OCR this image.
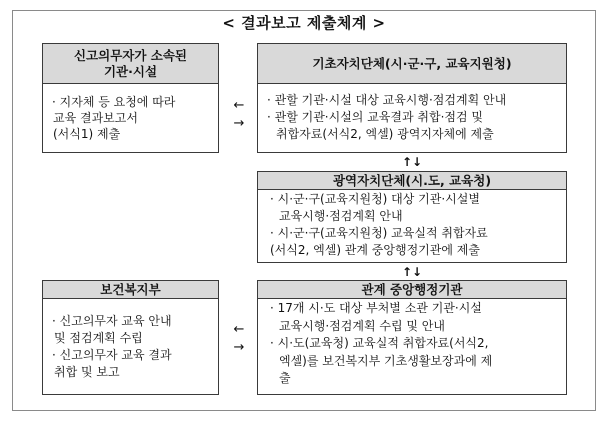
< 결과보고 제출체계 >
신고의무자가 소속된
기관·시설
· 지자체 등 요청에 따라
교육 결과보고서
(서식1) 제출
←
→
기초자치단체(시·군·구, 교육지원청)
· 관할 기관·시설 대상 교육시행·점검계획 안내
· 관할 기관·시설의 교육결과 취합·점검 및
취합자료(서식2, 엑셀) 광역지자체에 제출
↑↓
광역자치단체(시.도, 교육청)
· 시·군·구(교육지원청) 대상 기관·시설별
교육시행·점검계획 안내
· 시·군·구(교육지원청) 교육실적 취합자료
(서식2, 엑셀) 관계 중앙행정기관에 제출
↑↓
보건복지부
· 신고의무자 교육 안내
및 점검계획 수립
· 신고의무자 교육 결과
취합 및 보고
←
→
관계 중앙행정기관
· 17개 시·도 대상 부처별 소관 기관·시설
교육시행·점검계획 수립 및 안내
· 시·도(교육청) 교육실적 취합자료(서식2,
엑셀)를 보건복지부 기초생활보장과에 제
출
